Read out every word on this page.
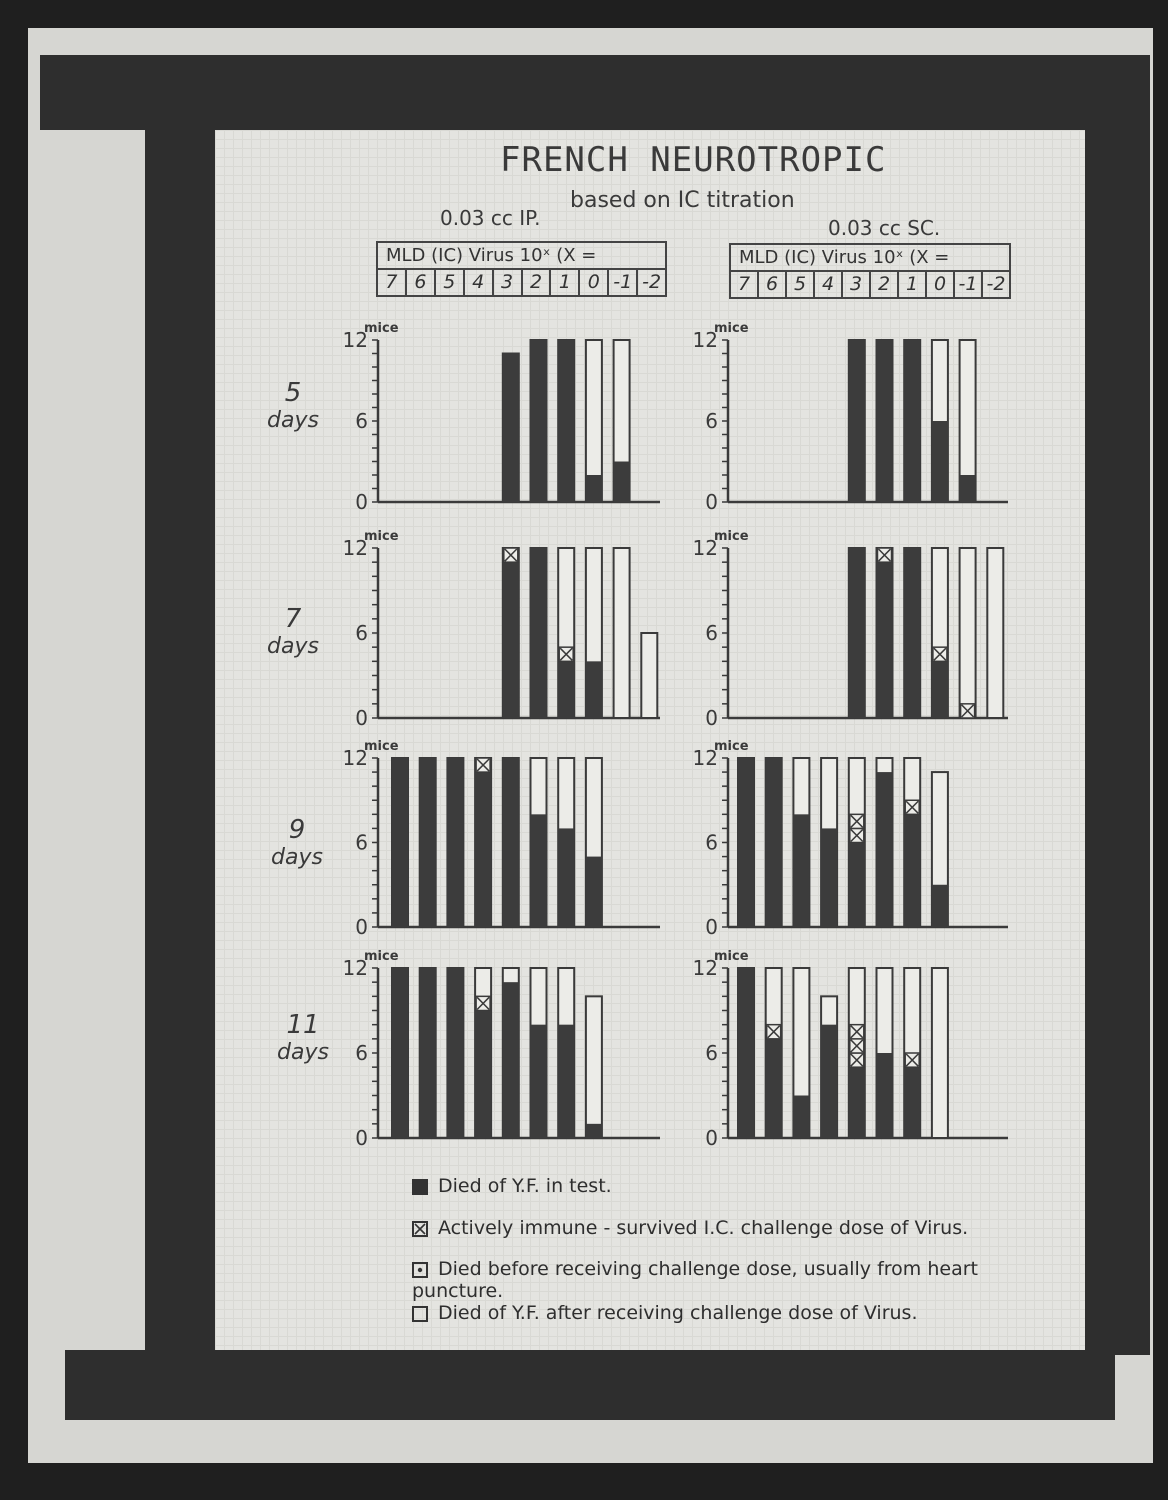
FRENCH NEUROTROPIC
based on IC titration
0.03 cc IP.	0.03 cc SC.
MLD (IC) Virus 10ˣ (X =
7 6 5 4 3 2 1 0 -1 -2
MLD (IC) Virus 10ˣ (X =
7 6 5 4 3 2 1 0 -1 -2
5
days
7
days
9
days
11
days
0
6
12
mice
0
6
12
mice
0
6
12
mice
0
6
12
mice
0
6
12
mice
0
6
12
mice
0
6
12
mice
0
6
12
mice
Died of Y.F. in test.
Actively immune - survived I.C. challenge dose of Virus.
Died before receiving challenge dose, usually from heart puncture.
Died of Y.F. after receiving challenge dose of Virus.
